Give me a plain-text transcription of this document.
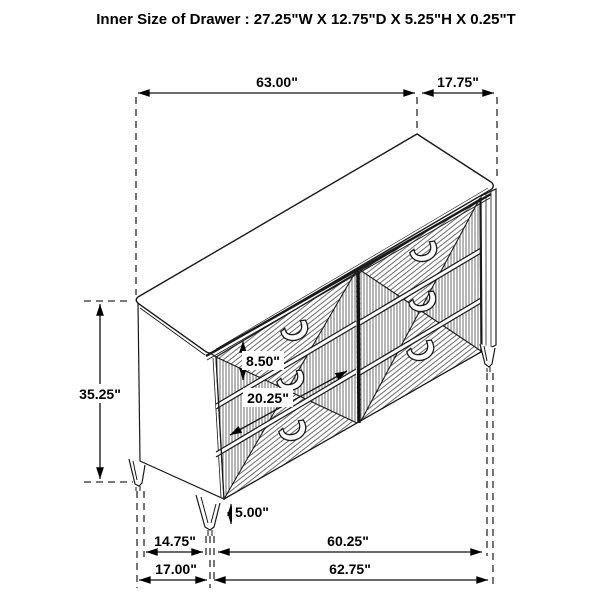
Inner Size of Drawer : 27.25"W X 12.75"D X 5.25"H X 0.25"T
63.00"	17.75"
35.25"
8.50"
20.25"
5.00"
14.75"	60.25"
17.00"	62.75"
